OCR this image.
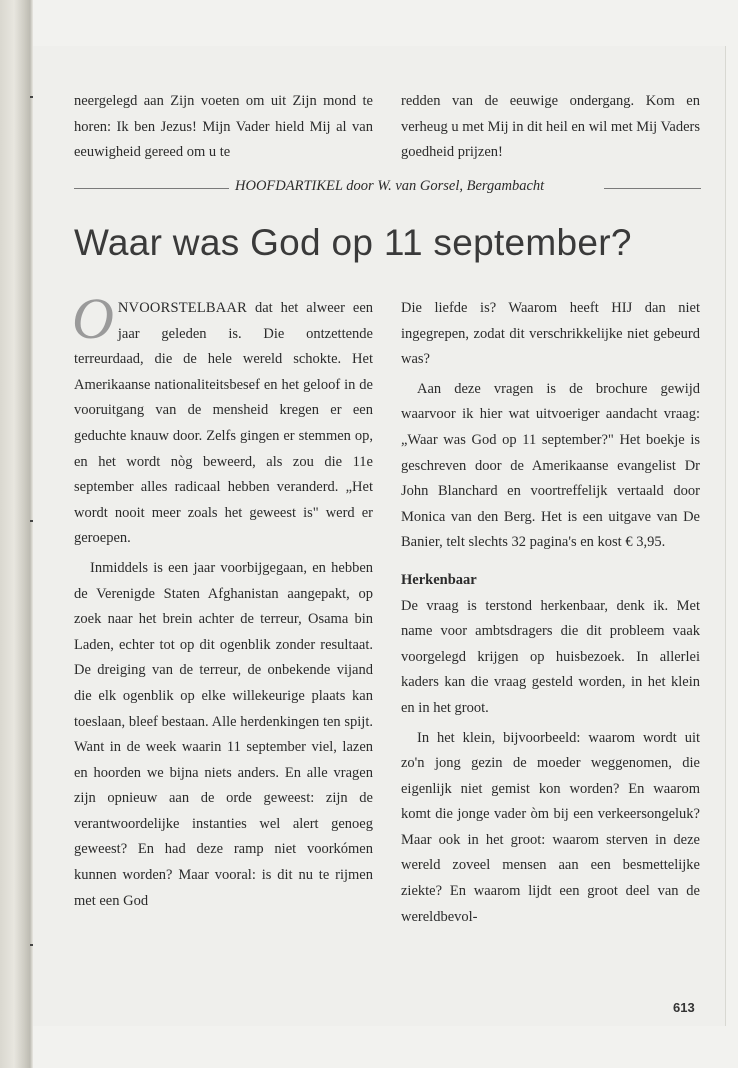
neergelegd aan Zijn voeten om uit Zijn mond te horen: Ik ben Jezus! Mijn Vader hield Mij al van eeuwigheid gereed om u te

redden van de eeuwige ondergang. Kom en verheug u met Mij in dit heil en wil met Mij Vaders goedheid prijzen!

HOOFDARTIKEL door W. van Gorsel, Bergambacht
Waar was God op 11 september?

O NVOORSTELBAAR dat het alweer een jaar geleden is. Die ontzettende terreurdaad, die de hele wereld schokte. Het Amerikaanse nationaliteitsbesef en het geloof in de vooruitgang van de mensheid kregen er een geduchte knauw door. Zelfs gingen er stemmen op, en het wordt nòg beweerd, als zou die 11e september alles radicaal hebben veranderd. „Het wordt nooit meer zoals het geweest is" werd er geroepen.

Inmiddels is een jaar voorbijgegaan, en hebben de Verenigde Staten Afghanistan aangepakt, op zoek naar het brein achter de terreur, Osama bin Laden, echter tot op dit ogenblik zonder resultaat. De dreiging van de terreur, de onbekende vijand die elk ogenblik op elke willekeurige plaats kan toeslaan, bleef bestaan. Alle herdenkingen ten spijt. Want in de week waarin 11 september viel, lazen en hoorden we bijna niets anders. En alle vragen zijn opnieuw aan de orde geweest: zijn de verantwoordelijke instanties wel alert genoeg geweest? En had deze ramp niet voorkómen kunnen worden? Maar vooral: is dit nu te rijmen met een God

Die liefde is? Waarom heeft HIJ dan niet ingegrepen, zodat dit verschrikkelijke niet gebeurd was?

Aan deze vragen is de brochure gewijd waarvoor ik hier wat uitvoeriger aandacht vraag: „Waar was God op 11 september?" Het boekje is geschreven door de Amerikaanse evangelist Dr John Blanchard en voortreffelijk vertaald door Monica van den Berg. Het is een uitgave van De Banier, telt slechts 32 pagina's en kost € 3,95.

Herkenbaar

De vraag is terstond herkenbaar, denk ik. Met name voor ambtsdragers die dit probleem vaak voorgelegd krijgen op huisbezoek. In allerlei kaders kan die vraag gesteld worden, in het klein en in het groot.

In het klein, bijvoorbeeld: waarom wordt uit zo'n jong gezin de moeder weggenomen, die eigenlijk niet gemist kon worden? En waarom komt die jonge vader òm bij een verkeersongeluk? Maar ook in het groot: waarom sterven in deze wereld zoveel mensen aan een besmettelijke ziekte? En waarom lijdt een groot deel van de wereldbevol-

613
